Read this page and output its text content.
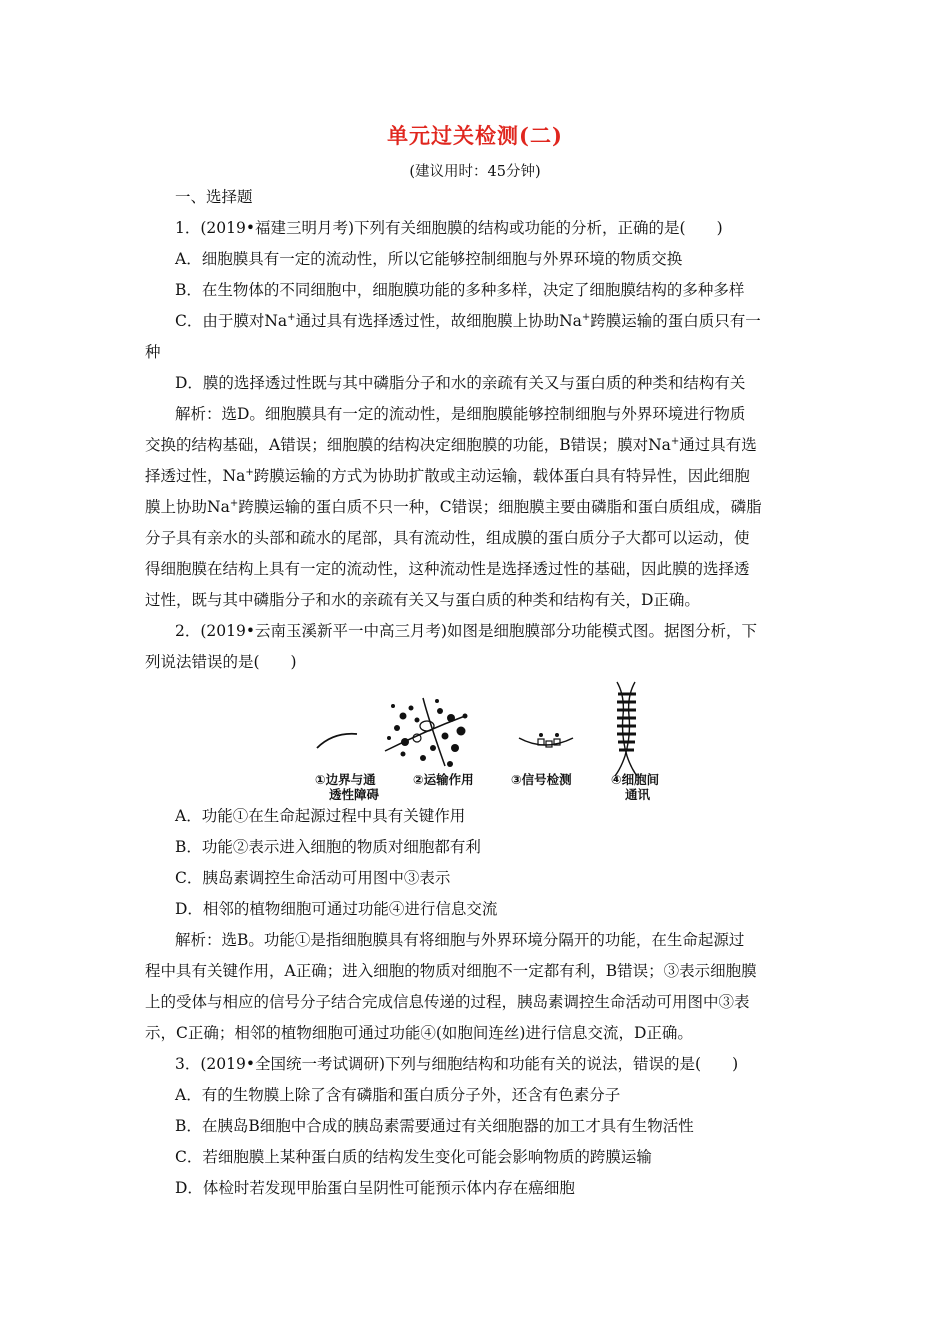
单元过关检测(二)
(建议用时：45分钟)
一、选择题
1．(2019•福建三明月考)下列有关细胞膜的结构或功能的分析，正确的是(　　)
A．细胞膜具有一定的流动性，所以它能够控制细胞与外界环境的物质交换
B．在生物体的不同细胞中，细胞膜功能的多种多样，决定了细胞膜结构的多种多样
C．由于膜对Na+通过具有选择透过性，故细胞膜上协助Na+跨膜运输的蛋白质只有一
种
D．膜的选择透过性既与其中磷脂分子和水的亲疏有关又与蛋白质的种类和结构有关
解析：选D。细胞膜具有一定的流动性，是细胞膜能够控制细胞与外界环境进行物质
交换的结构基础，A错误；细胞膜的结构决定细胞膜的功能，B错误；膜对Na+通过具有选
择透过性，Na+跨膜运输的方式为协助扩散或主动运输，载体蛋白具有特异性，因此细胞
膜上协助Na+跨膜运输的蛋白质不只一种，C错误；细胞膜主要由磷脂和蛋白质组成，磷脂
分子具有亲水的头部和疏水的尾部，具有流动性，组成膜的蛋白质分子大都可以运动，使
得细胞膜在结构上具有一定的流动性，这种流动性是选择透过性的基础，因此膜的选择透
过性，既与其中磷脂分子和水的亲疏有关又与蛋白质的种类和结构有关，D正确。
2．(2019•云南玉溪新平一中高三月考)如图是细胞膜部分功能模式图。据图分析，下
列说法错误的是(　　)
①边界与通
透性障碍
②运输作用	③信号检测	④细胞间
通讯
A．功能①在生命起源过程中具有关键作用
B．功能②表示进入细胞的物质对细胞都有利
C．胰岛素调控生命活动可用图中③表示
D．相邻的植物细胞可通过功能④进行信息交流
解析：选B。功能①是指细胞膜具有将细胞与外界环境分隔开的功能，在生命起源过
程中具有关键作用，A正确；进入细胞的物质对细胞不一定都有利，B错误；③表示细胞膜
上的受体与相应的信号分子结合完成信息传递的过程，胰岛素调控生命活动可用图中③表
示，C正确；相邻的植物细胞可通过功能④(如胞间连丝)进行信息交流，D正确。
3．(2019•全国统一考试调研)下列与细胞结构和功能有关的说法，错误的是(　　)
A．有的生物膜上除了含有磷脂和蛋白质分子外，还含有色素分子
B．在胰岛B细胞中合成的胰岛素需要通过有关细胞器的加工才具有生物活性
C．若细胞膜上某种蛋白质的结构发生变化可能会影响物质的跨膜运输
D．体检时若发现甲胎蛋白呈阴性可能预示体内存在癌细胞
